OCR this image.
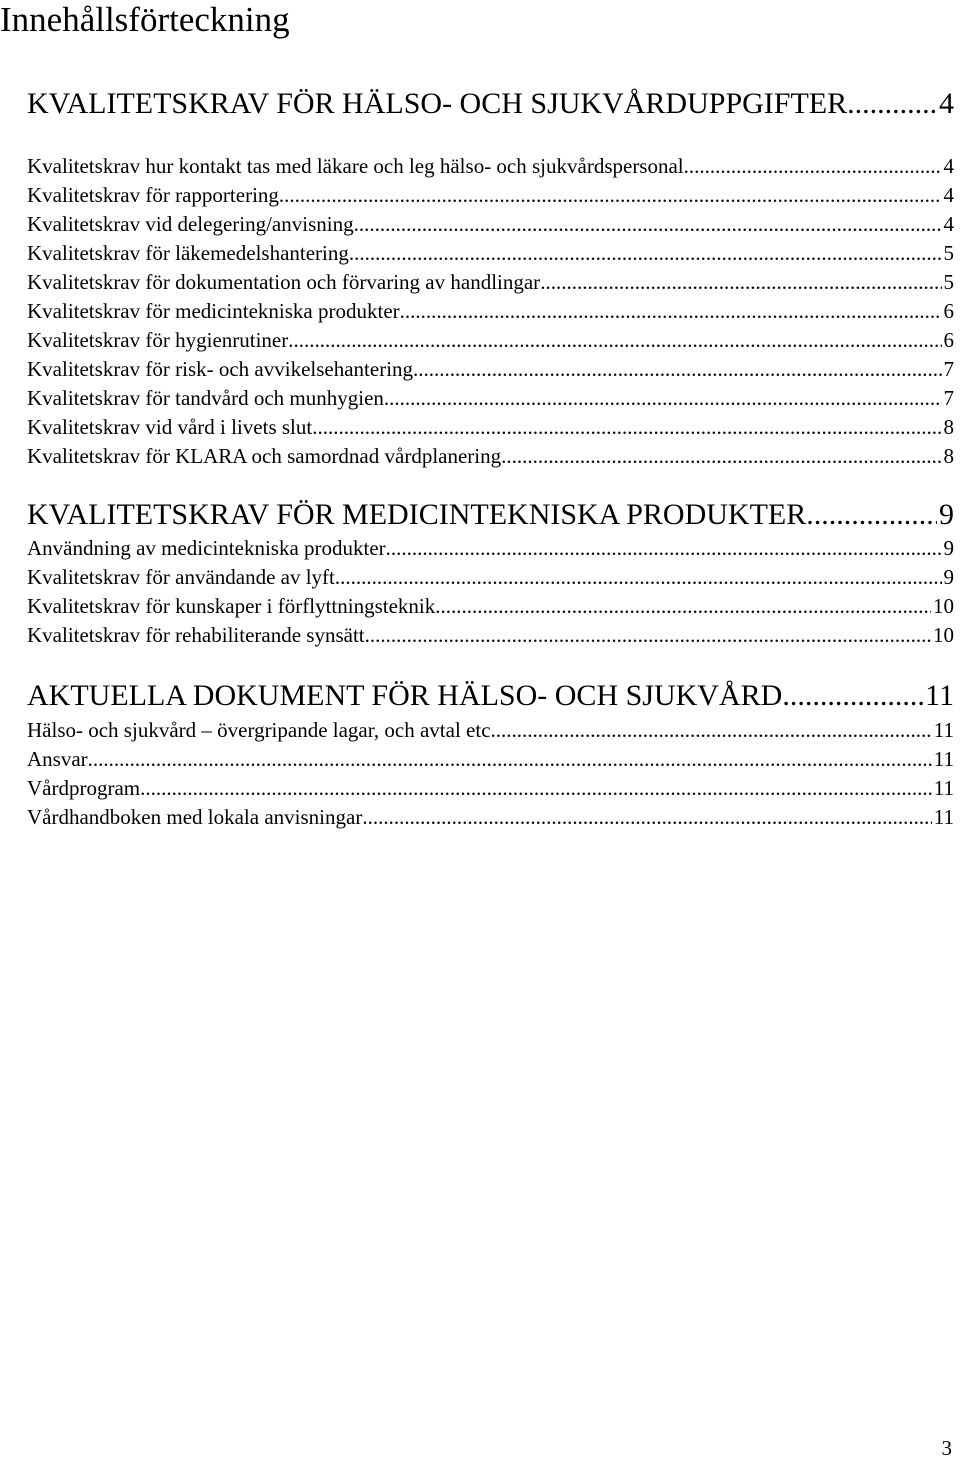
Innehållsförteckning
KVALITETSKRAV FÖR HÄLSO- OCH SJUKVÅRDUPPGIFTER .....	4
Kvalitetskrav hur kontakt tas med läkare och leg hälso- och sjukvårdspersonal .....	4
Kvalitetskrav för rapportering .....	4
Kvalitetskrav vid delegering/anvisning .....	4
Kvalitetskrav för läkemedelshantering .....	5
Kvalitetskrav för dokumentation och förvaring av handlingar .....	5
Kvalitetskrav för medicintekniska produkter .....	6
Kvalitetskrav för hygienrutiner .....	6
Kvalitetskrav för risk- och avvikelsehantering .....	7
Kvalitetskrav för tandvård och munhygien .....	7
Kvalitetskrav vid vård i livets slut .....	8
Kvalitetskrav för KLARA och samordnad vårdplanering .....	8
KVALITETSKRAV FÖR MEDICINTEKNISKA PRODUKTER .....	9
Användning av medicintekniska produkter .....	9
Kvalitetskrav för användande av lyft .....	9
Kvalitetskrav för kunskaper i förflyttningsteknik .....	10
Kvalitetskrav för rehabiliterande synsätt .....	10
AKTUELLA DOKUMENT FÖR HÄLSO- OCH SJUKVÅRD .....	11
Hälso- och sjukvård – övergripande lagar, och avtal etc. .....	11
Ansvar .....	11
Vårdprogram .....	11
Vårdhandboken med lokala anvisningar .....	11
3
